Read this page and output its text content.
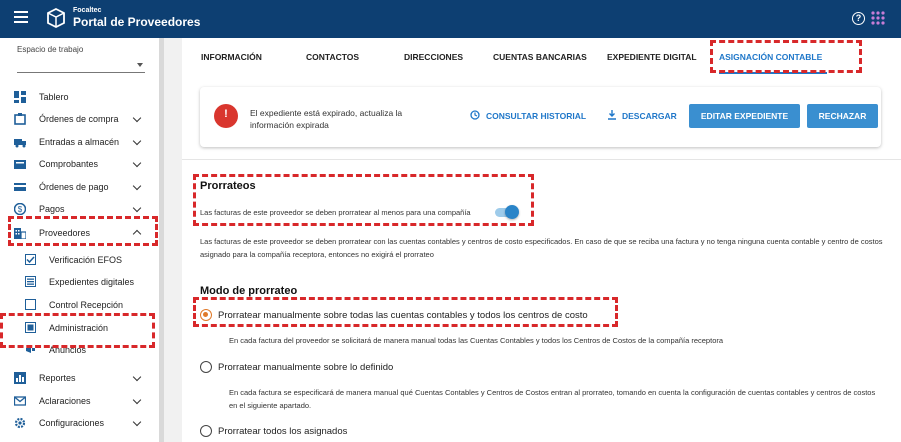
Focaltec
Portal de Proveedores	?
Espacio de trabajo
Tablero
Órdenes de compra
Entradas a almacén
Comprobantes
Órdenes de pago
$ Pagos
Proveedores
Verificación EFOS
Expedientes digitales
Control Recepción
Administración
Anuncios
Reportes
Aclaraciones
Configuraciones
INFORMACIÓN	CONTACTOS	DIRECCIONES	CUENTAS BANCARIAS EXPEDIENTE DIGITAL	ASIGNACIÓN CONTABLE
!
El expediente está expirado, actualiza la información expirada
CONSULTAR HISTORIAL	DESCARGAR	EDITAR EXPEDIENTE	RECHAZAR
Prorrateos
Las facturas de este proveedor se deben prorratear al menos para una compañía
Las facturas de este proveedor se deben prorratear con las cuentas contables y centros de costo especificados. En caso de que se reciba una factura y no tenga ninguna cuenta contable y centro de costos asignado para la compañía receptora, entonces no exigirá el prorrateo
Modo de prorrateo
Prorratear manualmente sobre todas las cuentas contables y todos los centros de costo
En cada factura del proveedor se solicitará de manera manual todas las Cuentas Contables y todos los Centros de Costos de la compañía receptora
Prorratear manualmente sobre lo definido
En cada factura se especificará de manera manual qué Cuentas Contables y Centros de Costos entran al prorrateo, tomando en cuenta la configuración de cuentas contables y centros de costos en el siguiente apartado.
Prorratear todos los asignados
